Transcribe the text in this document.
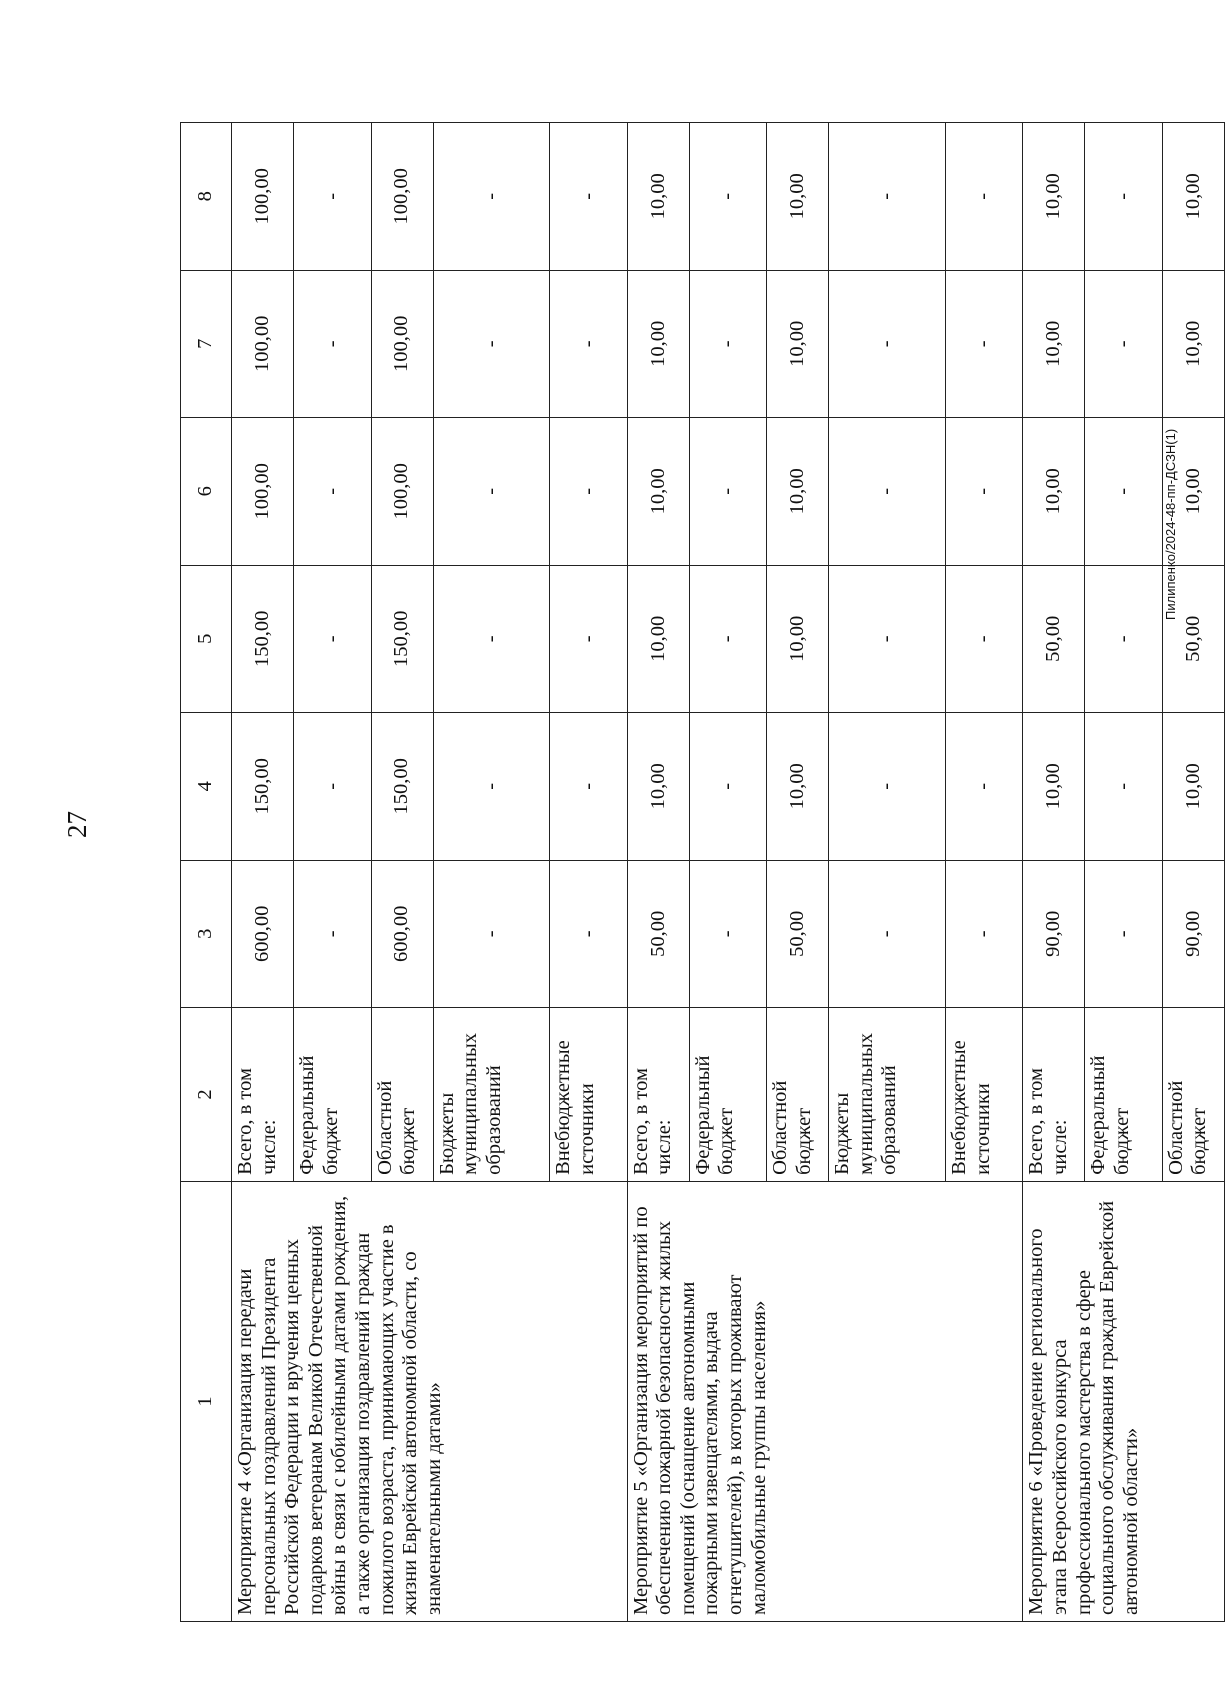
27
1	2	3	4	5	6	7	8
Мероприятие 4 «Организация передачи персональных поздравлений Президента Российской Федерации и вручения ценных подарков ветеранам Великой Отечественной войны в связи с юбилейными датами рождения, а также организация поздравлений граждан пожилого возраста, принимающих участие в жизни Еврейской автономной области, со знаменательными датами»	Всего, в том числе:	600,00	150,00	150,00	100,00	100,00	100,00
	Федеральный бюджет	-	-	-	-	-	-
	Областной бюджет	600,00	150,00	150,00	100,00	100,00	100,00
	Бюджеты муниципальных образований	-	-	-	-	-	-
	Внебюджетные источники	-	-	-	-	-	-
Мероприятие 5 «Организация мероприятий по обеспечению пожарной безопасности жилых помещений (оснащение автономными пожарными извещателями, выдача огнетушителей), в которых проживают маломобильные группы населения»	Всего, в том числе:	50,00	10,00	10,00	10,00	10,00	10,00
	Федеральный бюджет	-	-	-	-	-	-
	Областной бюджет	50,00	10,00	10,00	10,00	10,00	10,00
	Бюджеты муниципальных образований	-	-	-	-	-	-
	Внебюджетные источники	-	-	-	-	-	-
Мероприятие 6 «Проведение регионального этапа Всероссийского конкурса профессионального мастерства в сфере социального обслуживания граждан Еврейской автономной области»	Всего, в том числе:	90,00	10,00	50,00	10,00	10,00	10,00
	Федеральный бюджет	-	-	-	-	-	-
	Областной бюджет	90,00	10,00	50,00	10,00	10,00	10,00
Пилипенко/2024-48-пп-ДСЗН(1)
